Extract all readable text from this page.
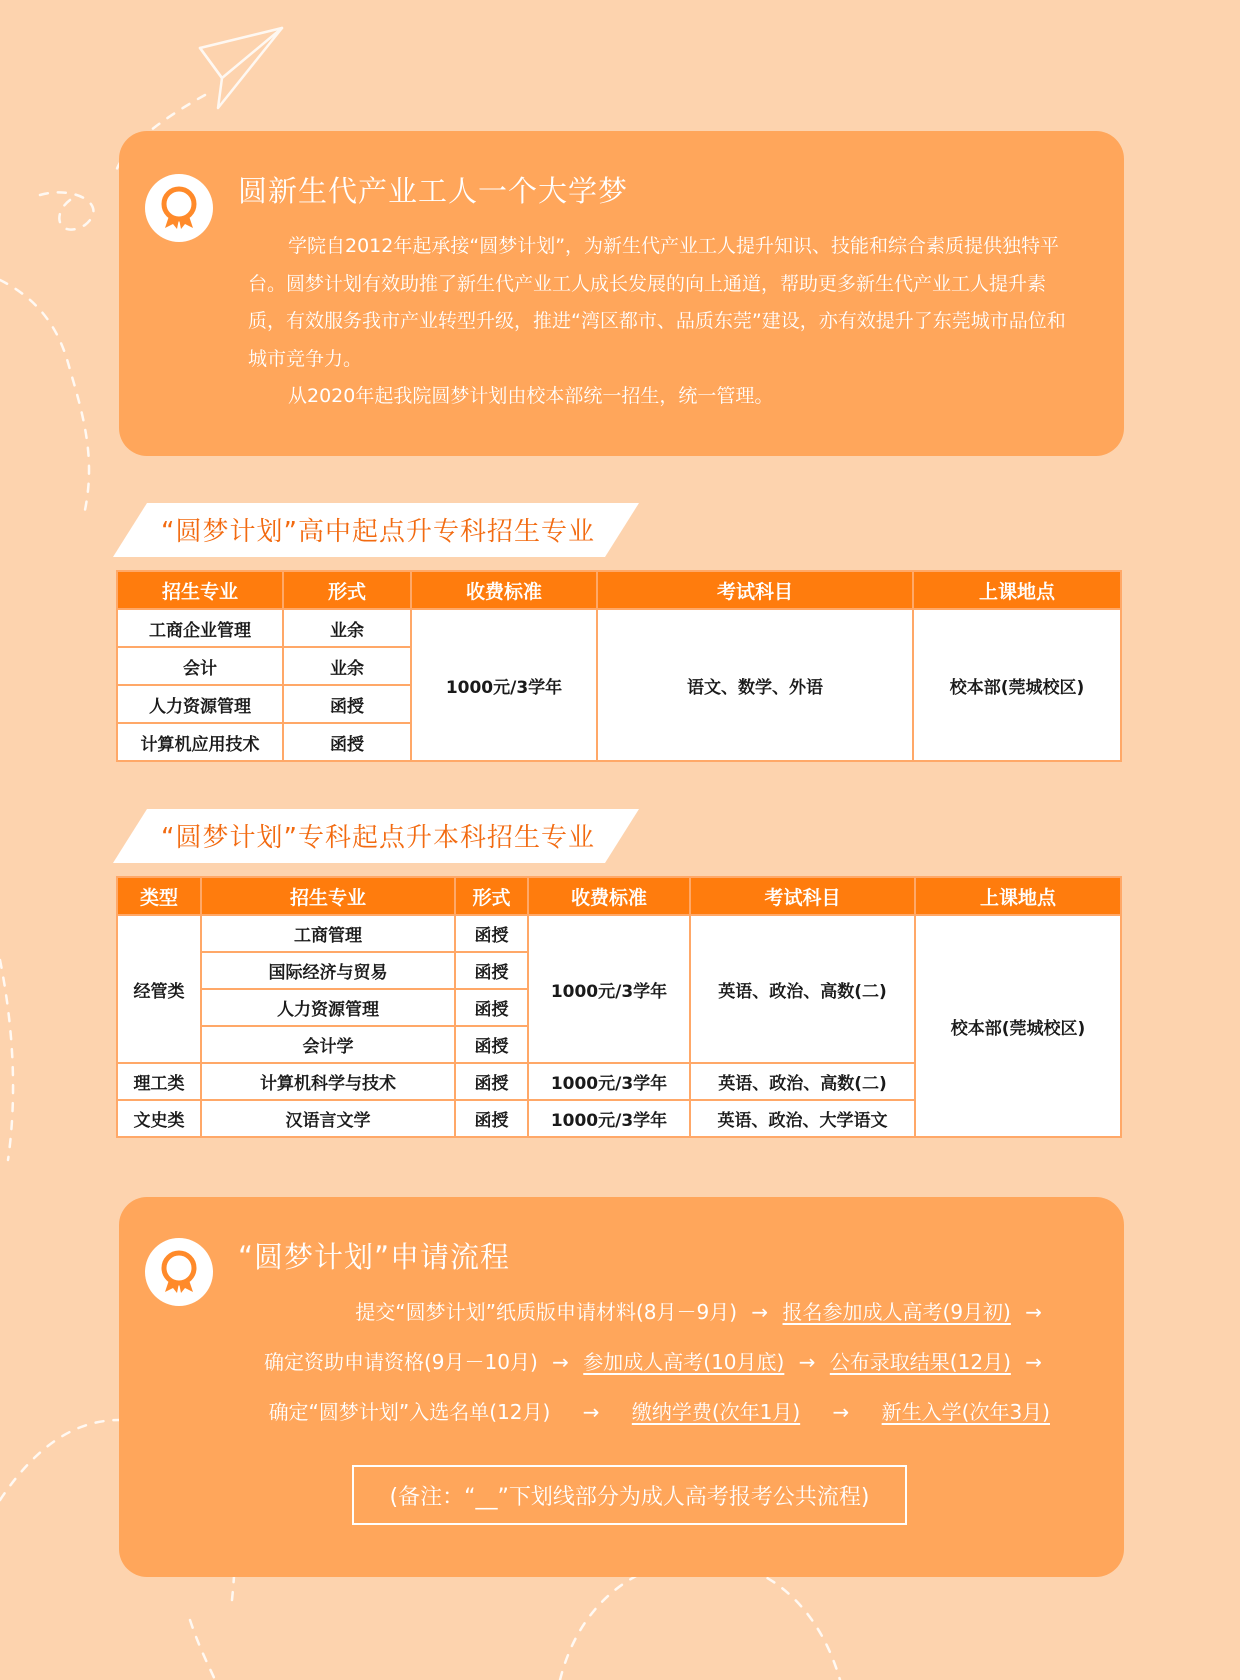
圆新生代产业工人一个大学梦

学院自2012年起承接“圆梦计划”，为新生代产业工人提升知识、技能和综合素质提供独特平台。圆梦计划有效助推了新生代产业工人成长发展的向上通道，帮助更多新生代产业工人提升素质，有效服务我市产业转型升级，推进“湾区都市、品质东莞”建设，亦有效提升了东莞城市品位和城市竞争力。

从2020年起我院圆梦计划由校本部统一招生，统一管理。

“圆梦计划”高中起点升专科招生专业
招生专业	形式	收费标准	考试科目	上课地点
工商企业管理	业余	1000元/3学年	语文、数学、外语	校本部(莞城校区)
会计	业余			
人力资源管理	函授			
计算机应用技术	函授			
“圆梦计划”专科起点升本科招生专业
类型	招生专业	形式	收费标准	考试科目	上课地点
经管类	工商管理	函授	1000元/3学年	英语、政治、高数(二)	校本部(莞城校区)
	国际经济与贸易	函授			
	人力资源管理	函授			
	会计学	函授			
理工类	计算机科学与技术	函授	1000元/3学年	英语、政治、高数(二)	
文史类	汉语言文学	函授	1000元/3学年	英语、政治、大学语文	
“圆梦计划”申请流程
提交“圆梦计划”纸质版申请材料(8月－9月) → 报名参加成人高考(9月初) →
确定资助申请资格(9月－10月) → 参加成人高考(10月底) → 公布录取结果(12月) →
确定“圆梦计划”入选名单(12月) → 缴纳学费(次年1月) → 新生入学(次年3月)
(备注：“__”下划线部分为成人高考报考公共流程)
